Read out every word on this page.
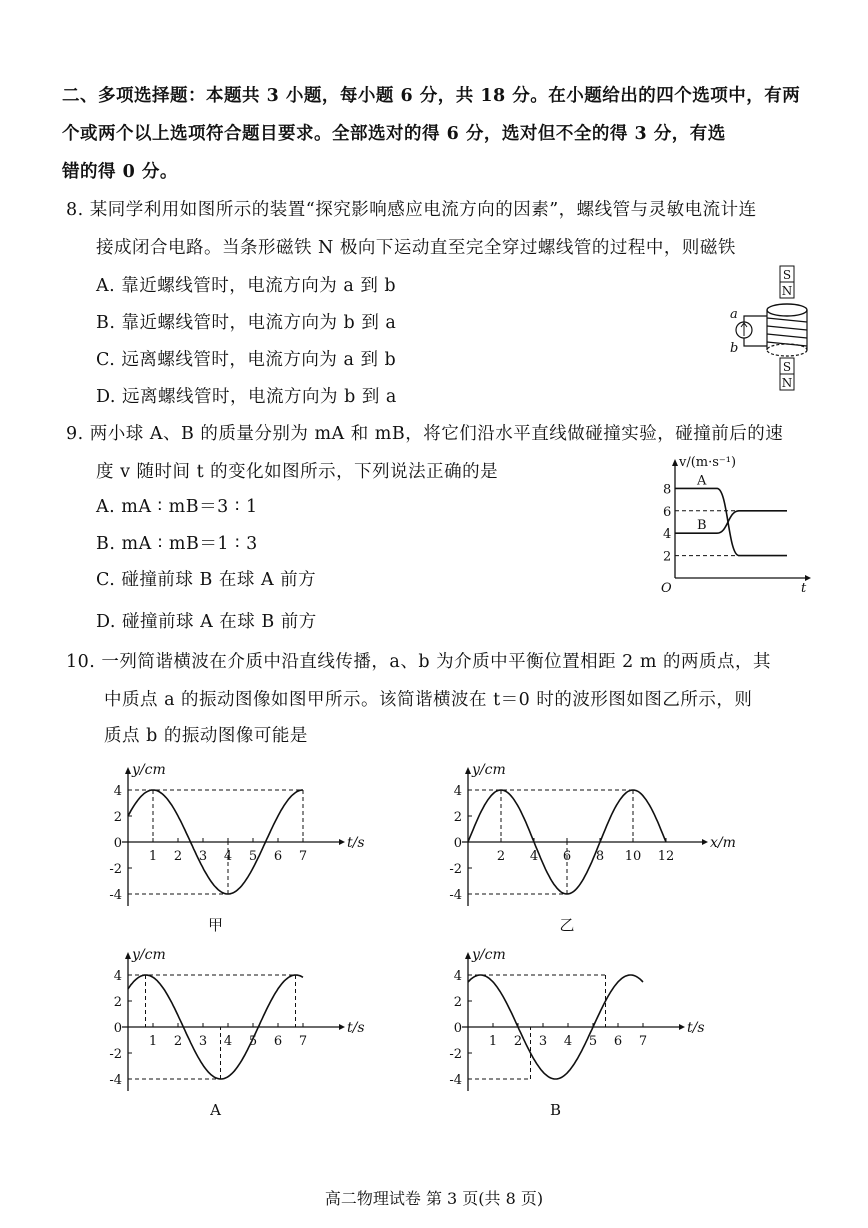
二、多项选择题：本题共 3 小题，每小题 6 分，共 18 分。在小题给出的四个选项中，有两
个或两个以上选项符合题目要求。全部选对的得 6 分，选对但不全的得 3 分，有选
错的得 0 分。
8. 某同学利用如图所示的装置“探究影响感应电流方向的因素”，螺线管与灵敏电流计连
接成闭合电路。当条形磁铁 N 极向下运动直至完全穿过螺线管的过程中，则磁铁
A. 靠近螺线管时，电流方向为 a 到 b
B. 靠近螺线管时，电流方向为 b 到 a
C. 远离螺线管时，电流方向为 a 到 b
D. 远离螺线管时，电流方向为 b 到 a
S
N
S
N
a
b
9. 两小球 A、B 的质量分别为 mA 和 mB，将它们沿水平直线做碰撞实验，碰撞前后的速
度 v 随时间 t 的变化如图所示，下列说法正确的是
A. mA ∶ mB＝3 ∶ 1
B. mA ∶ mB＝1 ∶ 3
C. 碰撞前球 B 在球 A 前方
D. 碰撞前球 A 在球 B 前方
v/(m·s⁻¹)
t
O
2
4
6
8
A
B
10. 一列简谐横波在介质中沿直线传播，a、b 为介质中平衡位置相距 2 m 的两质点，其
中质点 a 的振动图像如图甲所示。该简谐横波在 t＝0 时的波形图如图乙所示，则
质点 b 的振动图像可能是
y/cm
t/s
4
2
0
-2
-4
1 2 3 4 5 6 7
甲
y/cm
x/m
4
2
0
-2
-4
2 4 6 8 10 12
乙
y/cm
t/s
4
2
0
-2
-4
1 2 3 4 5 6 7
A
y/cm
t/s
4
2
0
-2
-4
1 2 3 4 5 6 7
B
高二物理试卷 第 3 页(共 8 页)
